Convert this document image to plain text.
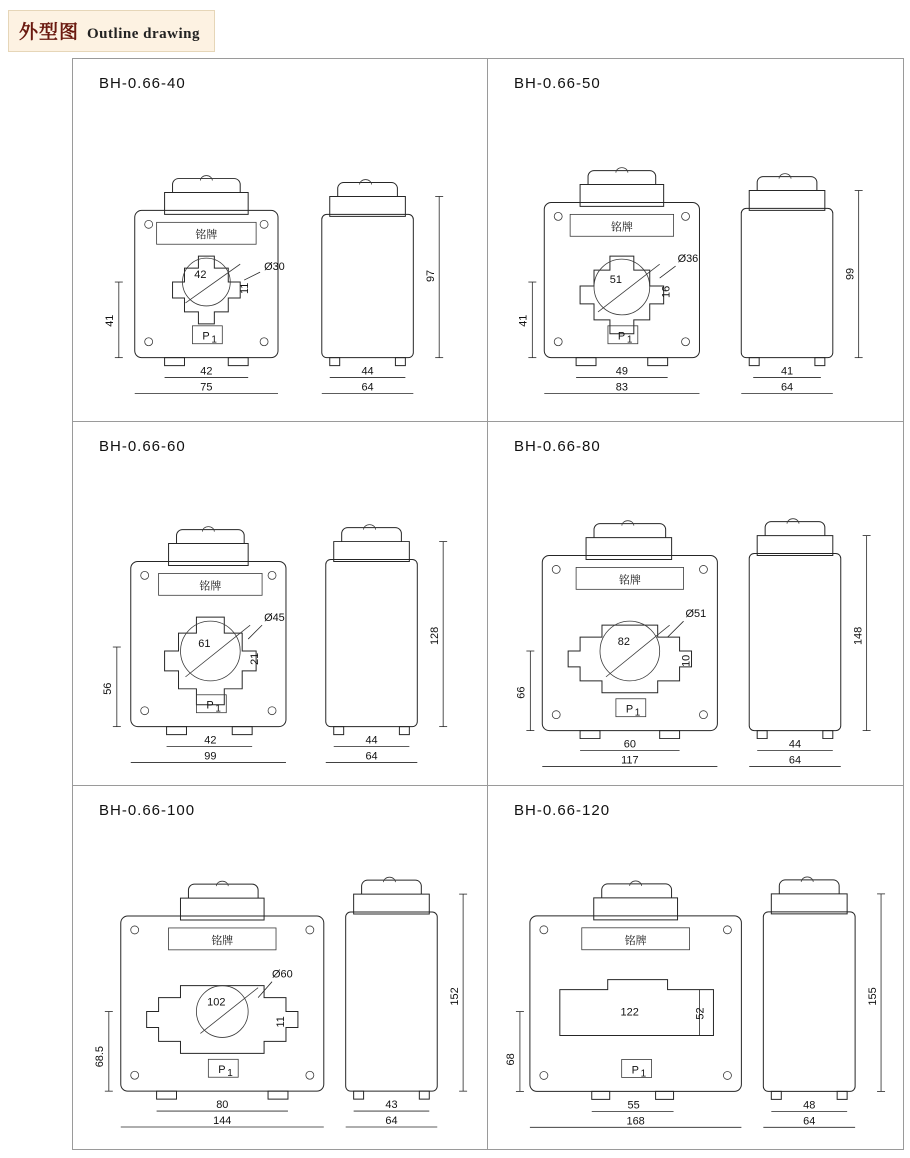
外型图 Outline drawing
BH-0.66-40
铭牌
P 1
42
Ø30
11
41
42
75
97
44
64
BH-0.66-50
铭牌
P 1
51
Ø36
16
41
49
83
99
41
64
BH-0.66-60
铭牌
P 1
61
Ø45
21
56
42
99
128
44
64
BH-0.66-80
铭牌
P 1
82
Ø51
10
66
60
117
148
44
64
BH-0.66-100
铭牌
P 1
102
Ø60
11
68.5
80
144
152
43
64
BH-0.66-120
铭牌
P 1
122	52
68
55
168
155
48
64
